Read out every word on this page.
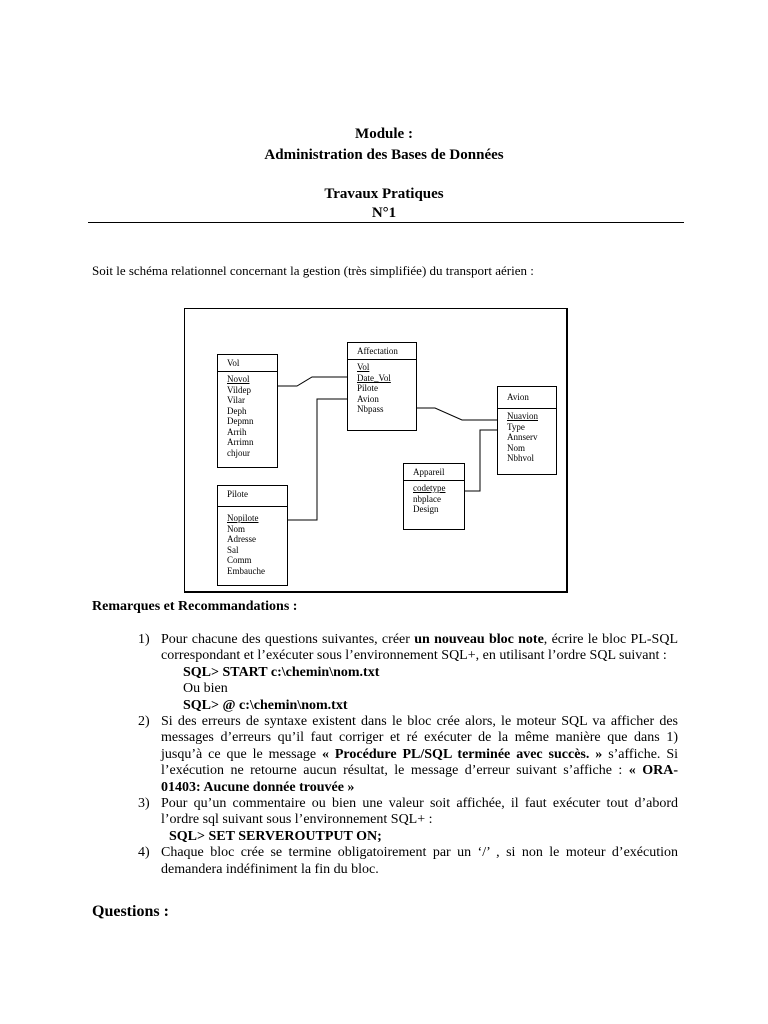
Module :
Administration des Bases de Données
Travaux Pratiques
N°1
Soit le schéma relationnel concernant la gestion (très simplifiée) du transport aérien :
Vol
Novol
Vildep
Vilar
Deph
Depmn
Arrih
Arrimn
chjour
Affectation
Vol
Date_Vol
Pilote
Avion
Nbpass
Avion
Nuavion
Type
Annserv
Nom
Nbhvol
Appareil
codetype
nbplace
Design
Pilote
Nopilote
Nom
Adresse
Sal
Comm
Embauche
Remarques et Recommandations :
1) Pour chacune des questions suivantes, créer un nouveau bloc note, écrire le bloc PL-SQL correspondant et l’exécuter sous l’environnement SQL+, en utilisant l’ordre SQL suivant :
SQL> START c:\chemin\nom.txt
Ou bien
SQL> @ c:\chemin\nom.txt
2) Si des erreurs de syntaxe existent dans le bloc crée alors, le moteur SQL va afficher des messages d’erreurs qu’il faut corriger et ré exécuter de la même manière que dans 1) jusqu’à ce que le message « Procédure PL/SQL terminée avec succès. » s’affiche. Si l’exécution ne retourne aucun résultat, le message d’erreur suivant s’affiche : « ORA-01403: Aucune donnée trouvée »
3) Pour qu’un commentaire ou bien une valeur soit affichée, il faut exécuter tout d’abord l’ordre sql suivant sous l’environnement SQL+ :
SQL> SET SERVEROUTPUT ON;
4) Chaque bloc crée se termine obligatoirement par un ‘/’ , si non le moteur d’exécution demandera indéfiniment la fin du bloc.
Questions :
